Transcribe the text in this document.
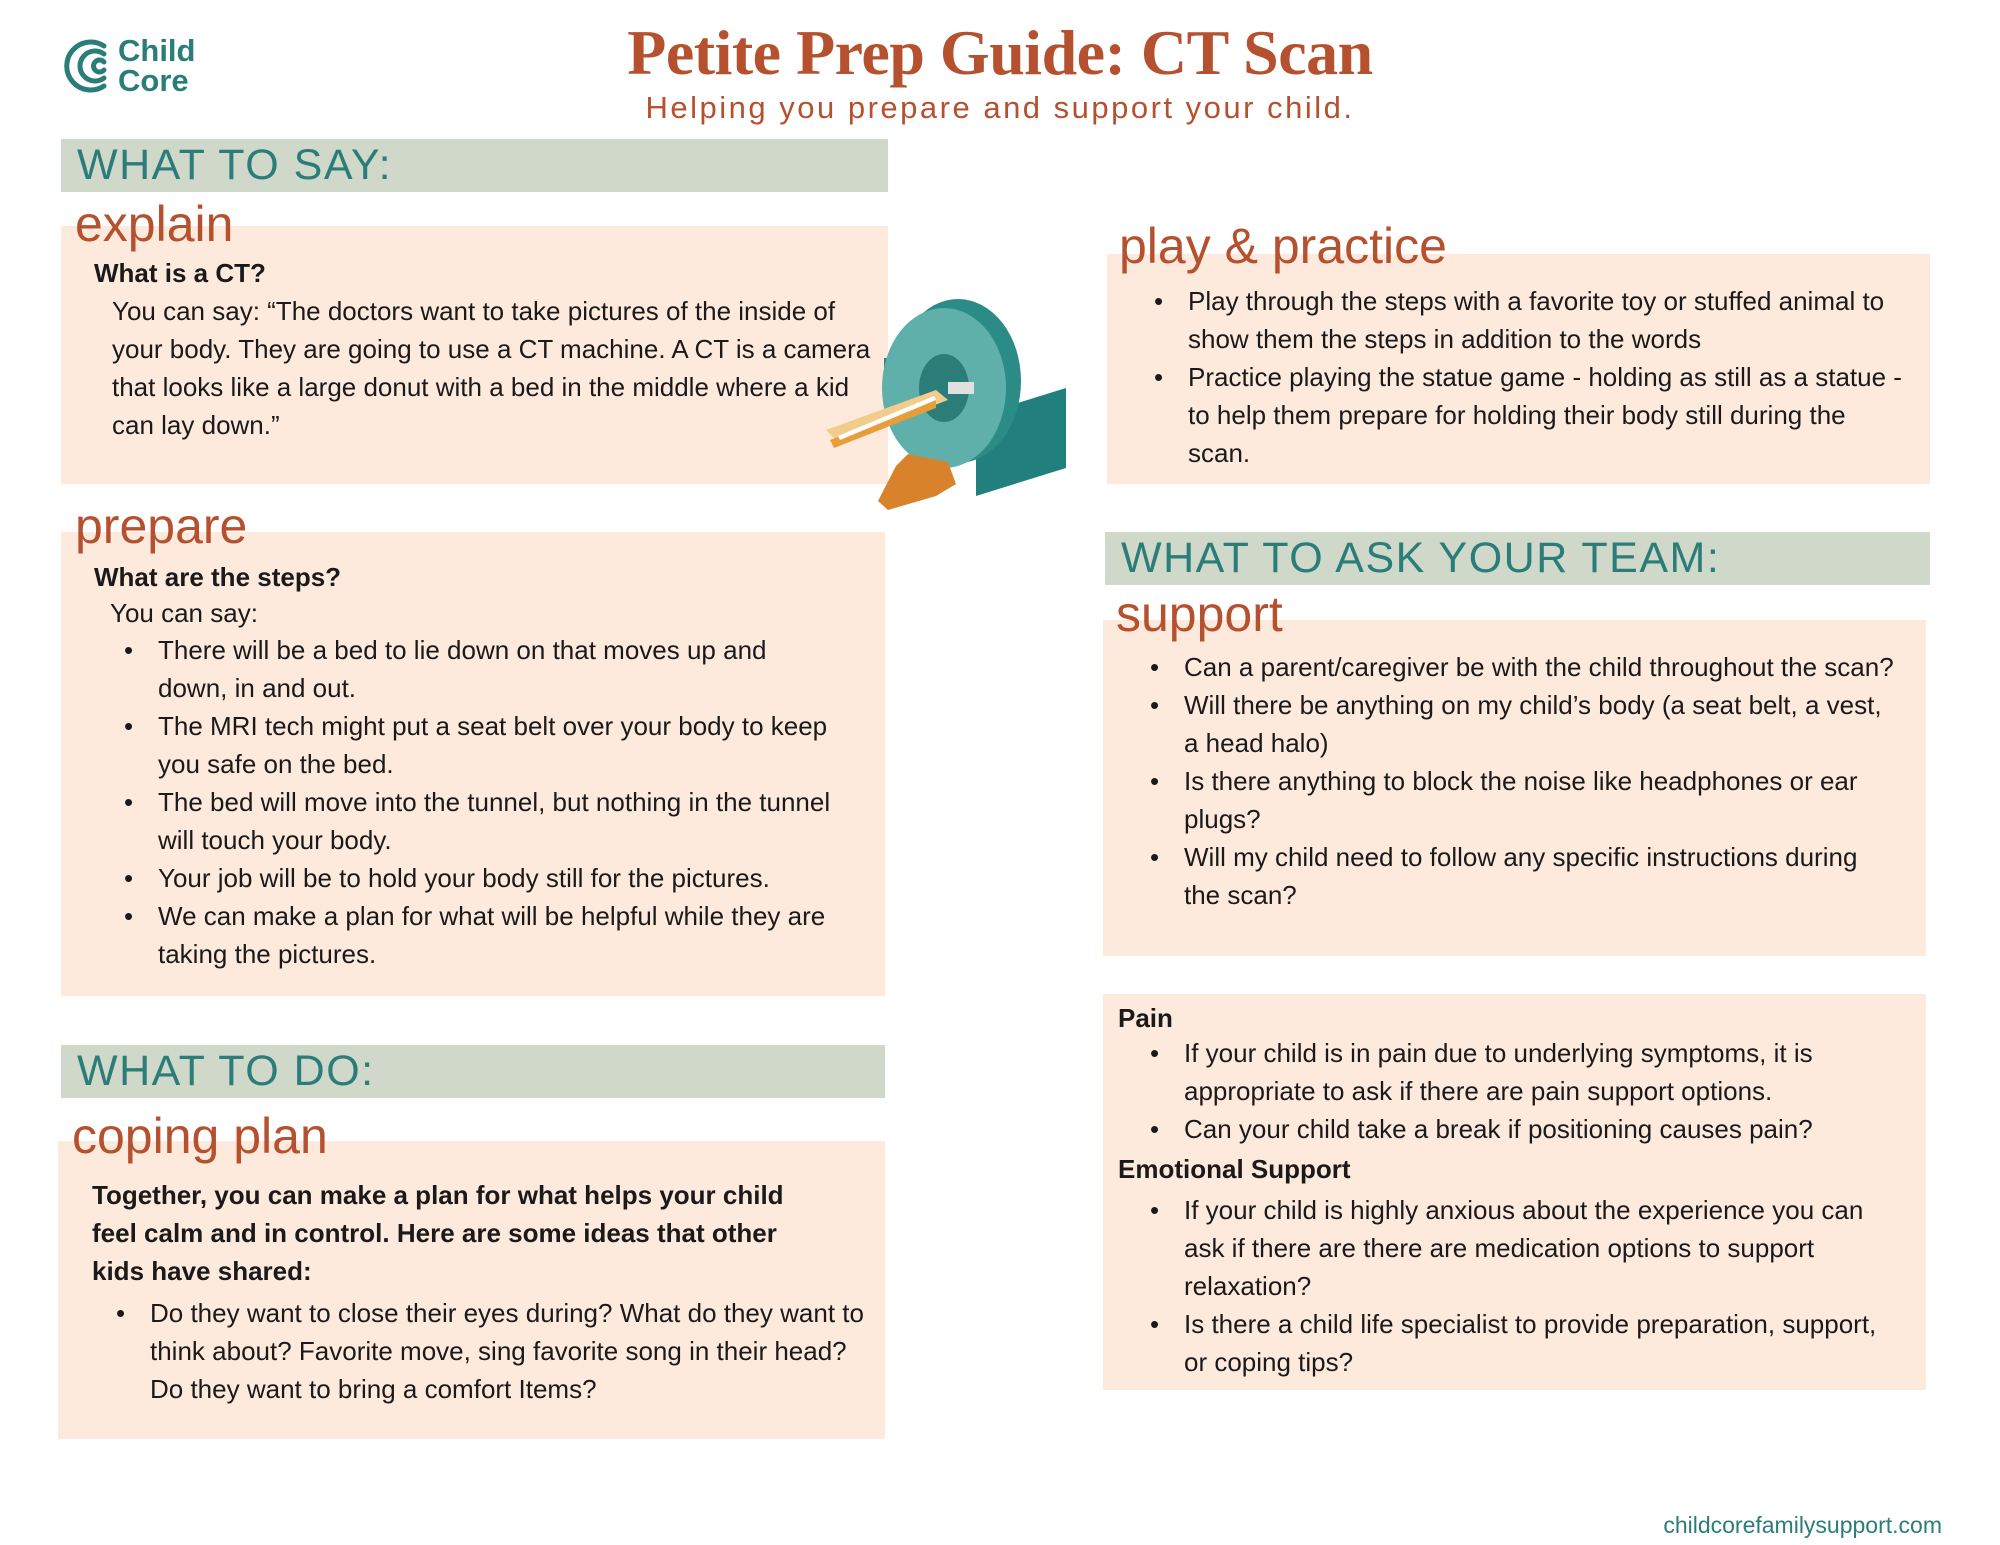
Child
Core	Petite Prep Guide: CT Scan
Helping you prepare and support your child.
WHAT TO SAY:
explain
What is a CT?
You can say: “The doctors want to take pictures of the inside of your body. They are going to use a CT machine. A CT is a camera that looks like a large donut with a bed in the middle where a kid can lay down.”
prepare
What are the steps?
You can say:
• There will be a bed to lie down on that moves up and down, in and out.
• The MRI tech might put a seat belt over your body to keep you safe on the bed.
• The bed will move into the tunnel, but nothing in the tunnel will touch your body.
• Your job will be to hold your body still for the pictures.
• We can make a plan for what will be helpful while they are taking the pictures.
WHAT TO DO:
coping plan
Together, you can make a plan for what helps your child feel calm and in control. Here are some ideas that other kids have shared:
• Do they want to close their eyes during? What do they want to think about? Favorite move, sing favorite song in their head? Do they want to bring a comfort Items?
play & practice
• Play through the steps with a favorite toy or stuffed animal to show them the steps in addition to the words
• Practice playing the statue game - holding as still as a statue - to help them prepare for holding their body still during the scan.
WHAT TO ASK YOUR TEAM:
support
• Can a parent/caregiver be with the child throughout the scan?
• Will there be anything on my child’s body (a seat belt, a vest, a head halo)
• Is there anything to block the noise like headphones or ear plugs?
• Will my child need to follow any specific instructions during the scan?
Pain
• If your child is in pain due to underlying symptoms, it is appropriate to ask if there are pain support options.
• Can your child take a break if positioning causes pain?
Emotional Support
• If your child is highly anxious about the experience you can ask if there are there are medication options to support relaxation?
• Is there a child life specialist to provide preparation, support, or coping tips?
childcorefamilysupport.com
